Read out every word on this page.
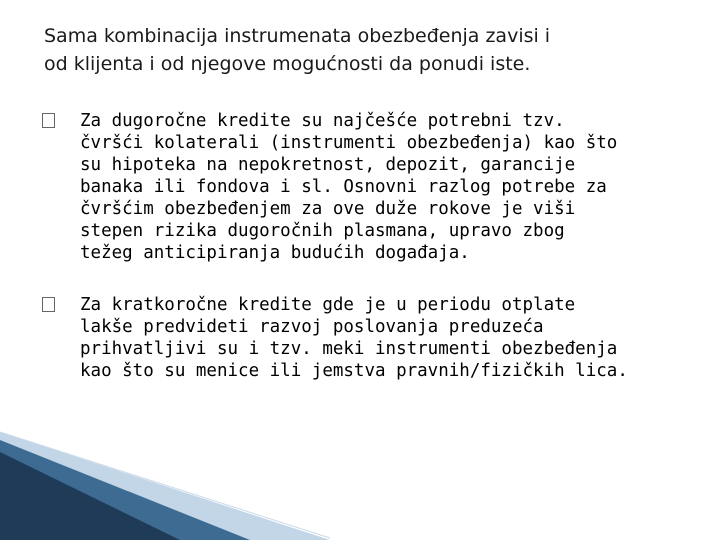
Sama kombinacija instrumenata obezbeđenja zavisi i
od klijenta i od njegove mogućnosti da ponudi iste.
Za dugoročne kredite su najčešće potrebni tzv.
čvršći kolaterali (instrumenti obezbeđenja) kao što
su hipoteka na nepokretnost, depozit, garancije
banaka ili fondova i sl. Osnovni razlog potrebe za
čvršćim obezbeđenjem za ove duže rokove je viši
stepen rizika dugoročnih plasmana, upravo zbog
težeg anticipiranja budućih događaja.
Za kratkoročne kredite gde je u periodu otplate
lakše predvideti razvoj poslovanja preduzeća
prihvatljivi su i tzv. meki instrumenti obezbeđenja
kao što su menice ili jemstva pravnih/fizičkih lica.
